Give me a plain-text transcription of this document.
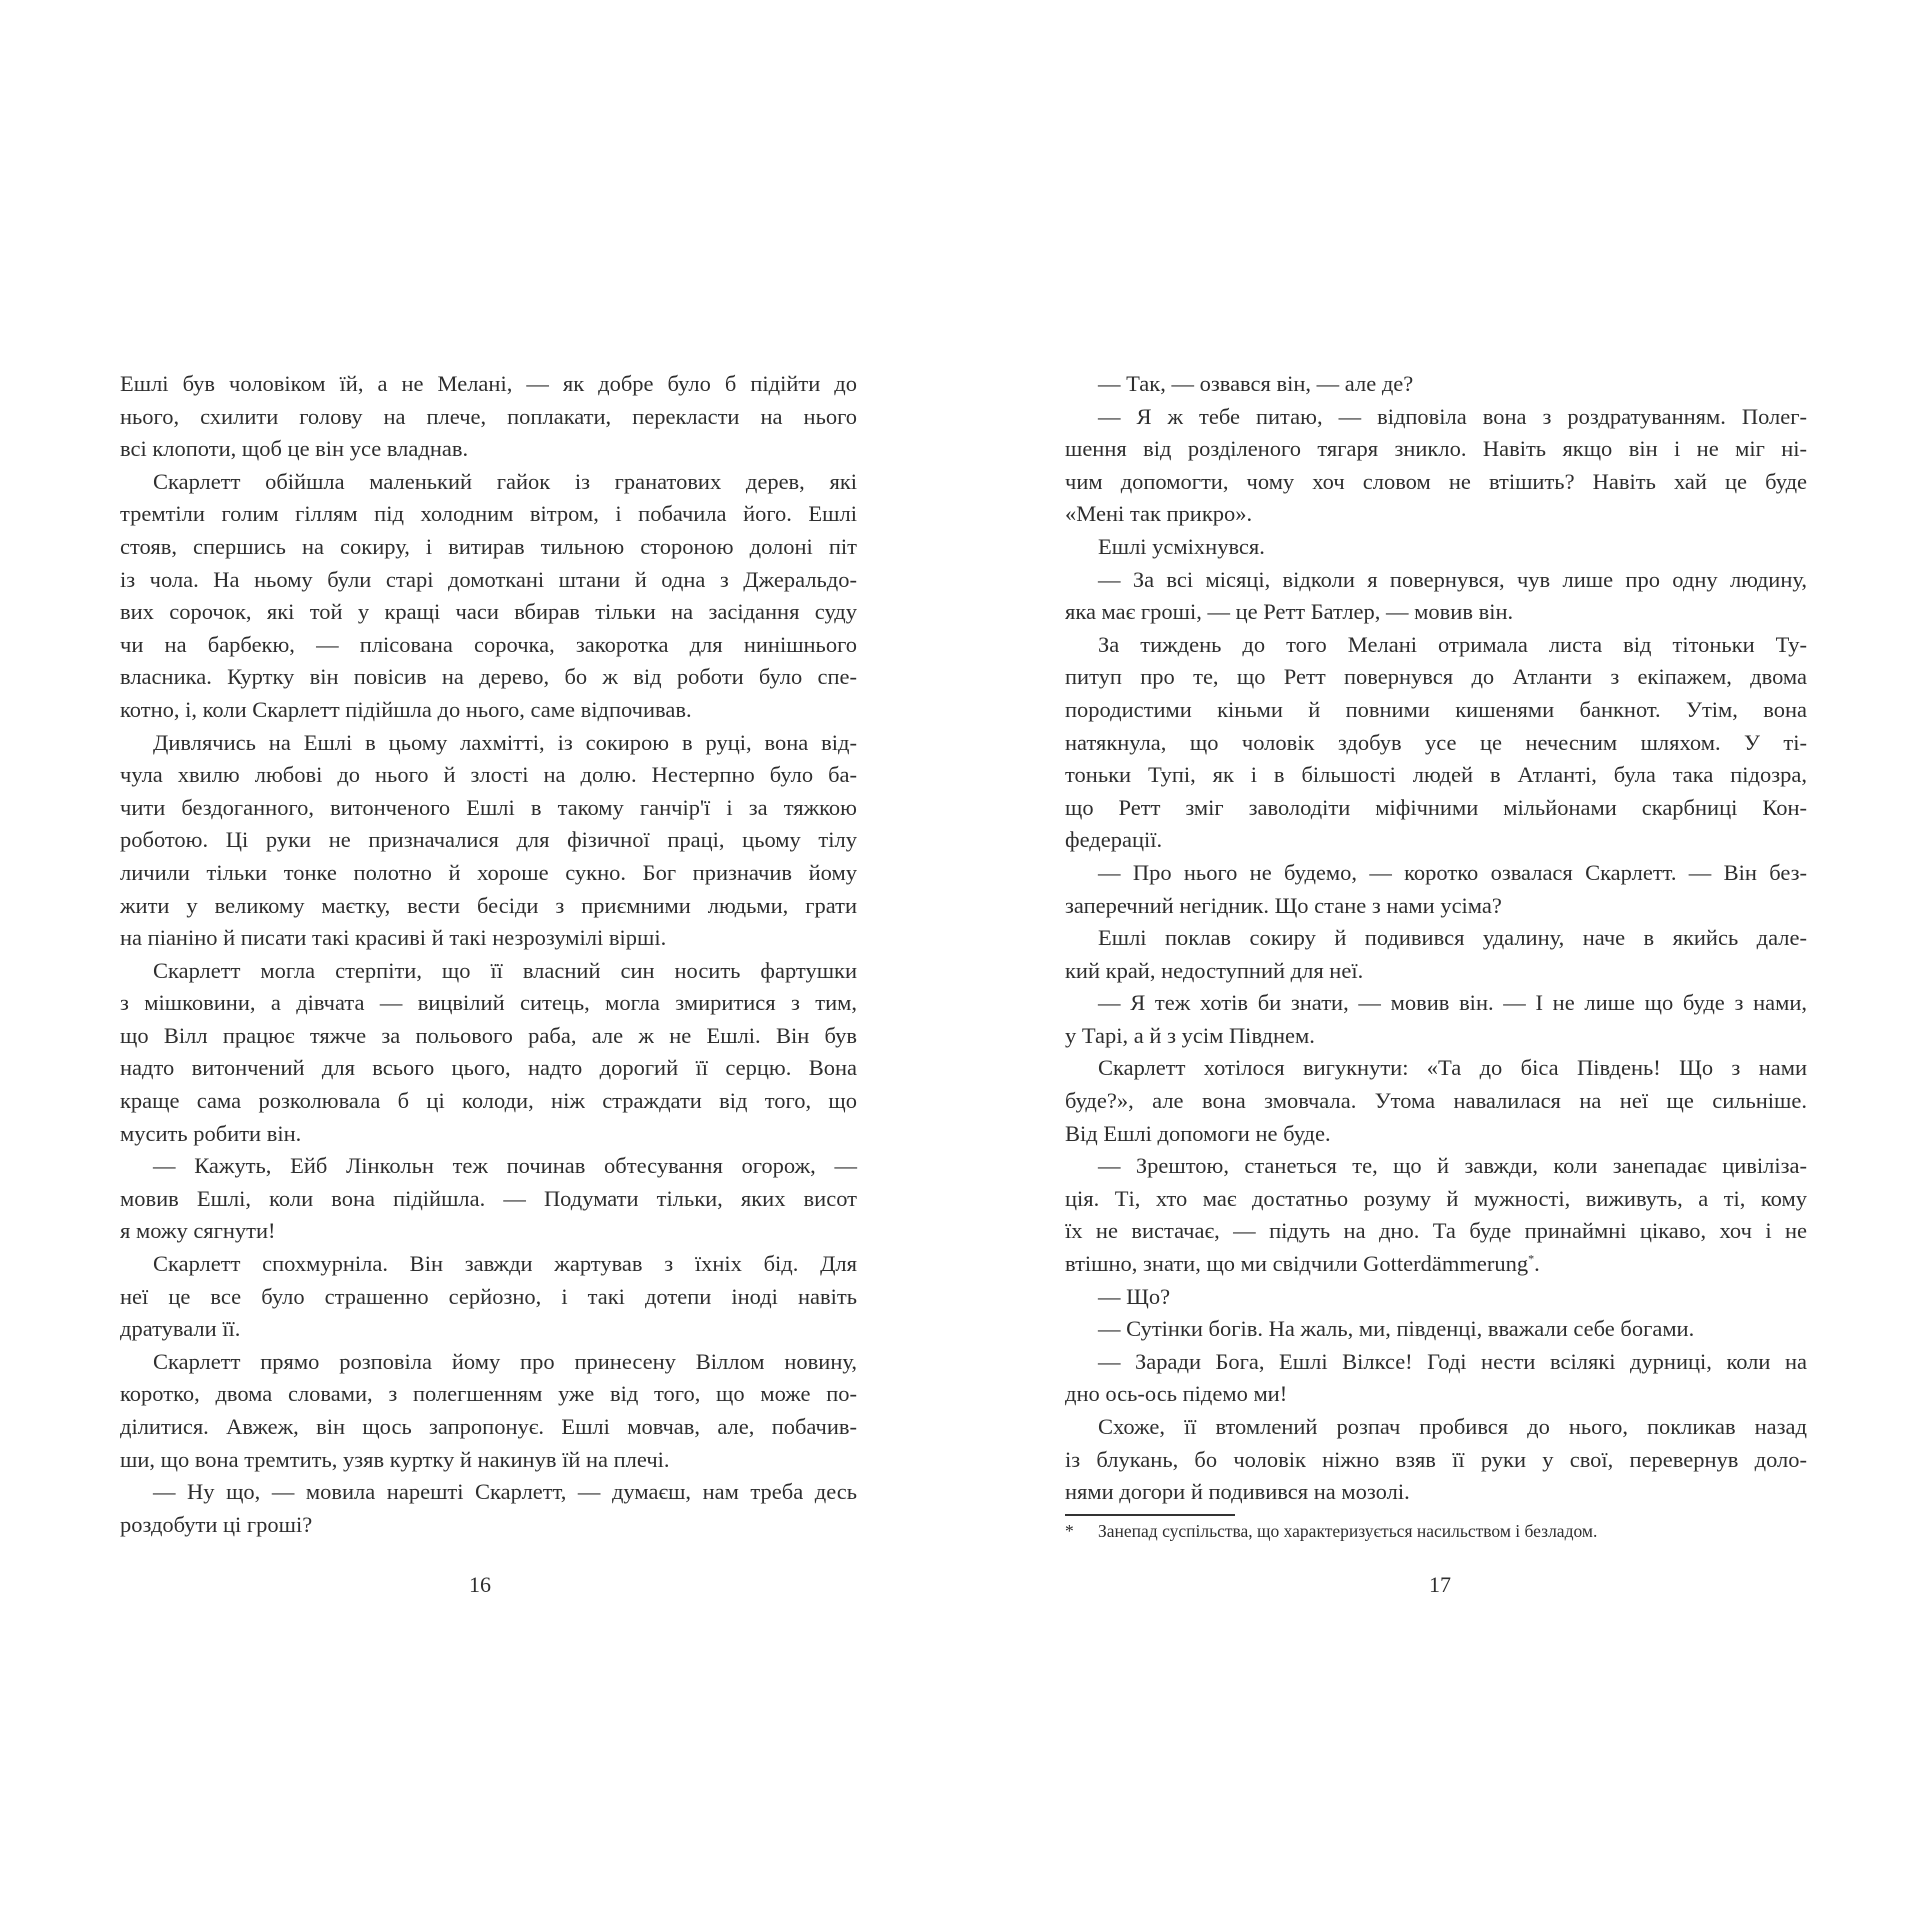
Ешлі був чоловіком їй, а не Мелані, — як добре було б підійти до
нього, схилити голову на плече, поплакати, перекласти на нього
всі клопоти, щоб це він усе владнав.
Скарлетт обійшла маленький гайок із гранатових дерев, які
тремтіли голим гіллям під холодним вітром, і побачила його. Ешлі
стояв, спершись на сокиру, і витирав тильною стороною долоні піт
із чола. На ньому були старі домоткані штани й одна з Джеральдо-
вих сорочок, які той у кращі часи вбирав тільки на засідання суду
чи на барбекю, — плісована сорочка, закоротка для нинішнього
власника. Куртку він повісив на дерево, бо ж від роботи було спе-
котно, і, коли Скарлетт підійшла до нього, саме відпочивав.
Дивлячись на Ешлі в цьому лахмітті, із сокирою в руці, вона від-
чула хвилю любові до нього й злості на долю. Нестерпно було ба-
чити бездоганного, витонченого Ешлі в такому ганчір'ї і за тяжкою
роботою. Ці руки не призначалися для фізичної праці, цьому тілу
личили тільки тонке полотно й хороше сукно. Бог призначив йому
жити у великому маєтку, вести бесіди з приємними людьми, грати
на піаніно й писати такі красиві й такі незрозумілі вірші.
Скарлетт могла стерпіти, що її власний син носить фартушки
з мішковини, а дівчата — вицвілий ситець, могла змиритися з тим,
що Вілл працює тяжче за польового раба, але ж не Ешлі. Він був
надто витончений для всього цього, надто дорогий її серцю. Вона
краще сама розколювала б ці колоди, ніж страждати від того, що
мусить робити він.
— Кажуть, Ейб Лінкольн теж починав обтесування огорож, —
мовив Ешлі, коли вона підійшла. — Подумати тільки, яких висот
я можу сягнути!
Скарлетт спохмурніла. Він завжди жартував з їхніх бід. Для
неї це все було страшенно серйозно, і такі дотепи іноді навіть
дратували її.
Скарлетт прямо розповіла йому про принесену Віллом новину,
коротко, двома словами, з полегшенням уже від того, що може по-
ділитися. Авжеж, він щось запропонує. Ешлі мовчав, але, побачив-
ши, що вона тремтить, узяв куртку й накинув їй на плечі.
— Ну що, — мовила нарешті Скарлетт, — думаєш, нам треба десь
роздобути ці гроші?
— Так, — озвався він, — але де?
— Я ж тебе питаю, — відповіла вона з роздратуванням. Полег-
шення від розділеного тягаря зникло. Навіть якщо він і не міг ні-
чим допомогти, чому хоч словом не втішить? Навіть хай це буде
«Мені так прикро».
Ешлі усміхнувся.
— За всі місяці, відколи я повернувся, чув лише про одну людину,
яка має гроші, — це Ретт Батлер, — мовив він.
За тиждень до того Мелані отримала листа від тітоньки Ту-
питуп про те, що Ретт повернувся до Атланти з екіпажем, двома
породистими кіньми й повними кишенями банкнот. Утім, вона
натякнула, що чоловік здобув усе це нечесним шляхом. У ті-
тоньки Тупі, як і в більшості людей в Атланті, була така підозра,
що Ретт зміг заволодіти міфічними мільйонами скарбниці Кон-
федерації.
— Про нього не будемо, — коротко озвалася Скарлетт. — Він без-
заперечний негідник. Що стане з нами усіма?
Ешлі поклав сокиру й подивився удалину, наче в якийсь дале-
кий край, недоступний для неї.
— Я теж хотів би знати, — мовив він. — І не лише що буде з нами,
у Тарі, а й з усім Півднем.
Скарлетт хотілося вигукнути: «Та до біса Південь! Що з нами
буде?», але вона змовчала. Утома навалилася на неї ще сильніше.
Від Ешлі допомоги не буде.
— Зрештою, станеться те, що й завжди, коли занепадає цивіліза-
ція. Ті, хто має достатньо розуму й мужності, виживуть, а ті, кому
їх не вистачає, — підуть на дно. Та буде принаймні цікаво, хоч і не
втішно, знати, що ми свідчили Gotterdämmerung*.
— Що?
— Сутінки богів. На жаль, ми, південці, вважали себе богами.
— Заради Бога, Ешлі Вілксе! Годі нести всілякі дурниці, коли на
дно ось-ось підемо ми!
Схоже, її втомлений розпач пробився до нього, покликав назад
із блукань, бо чоловік ніжно взяв її руки у свої, перевернув доло-
нями догори й подивився на мозолі.
* Занепад суспільства, що характеризується насильством і безладом.
16	17
